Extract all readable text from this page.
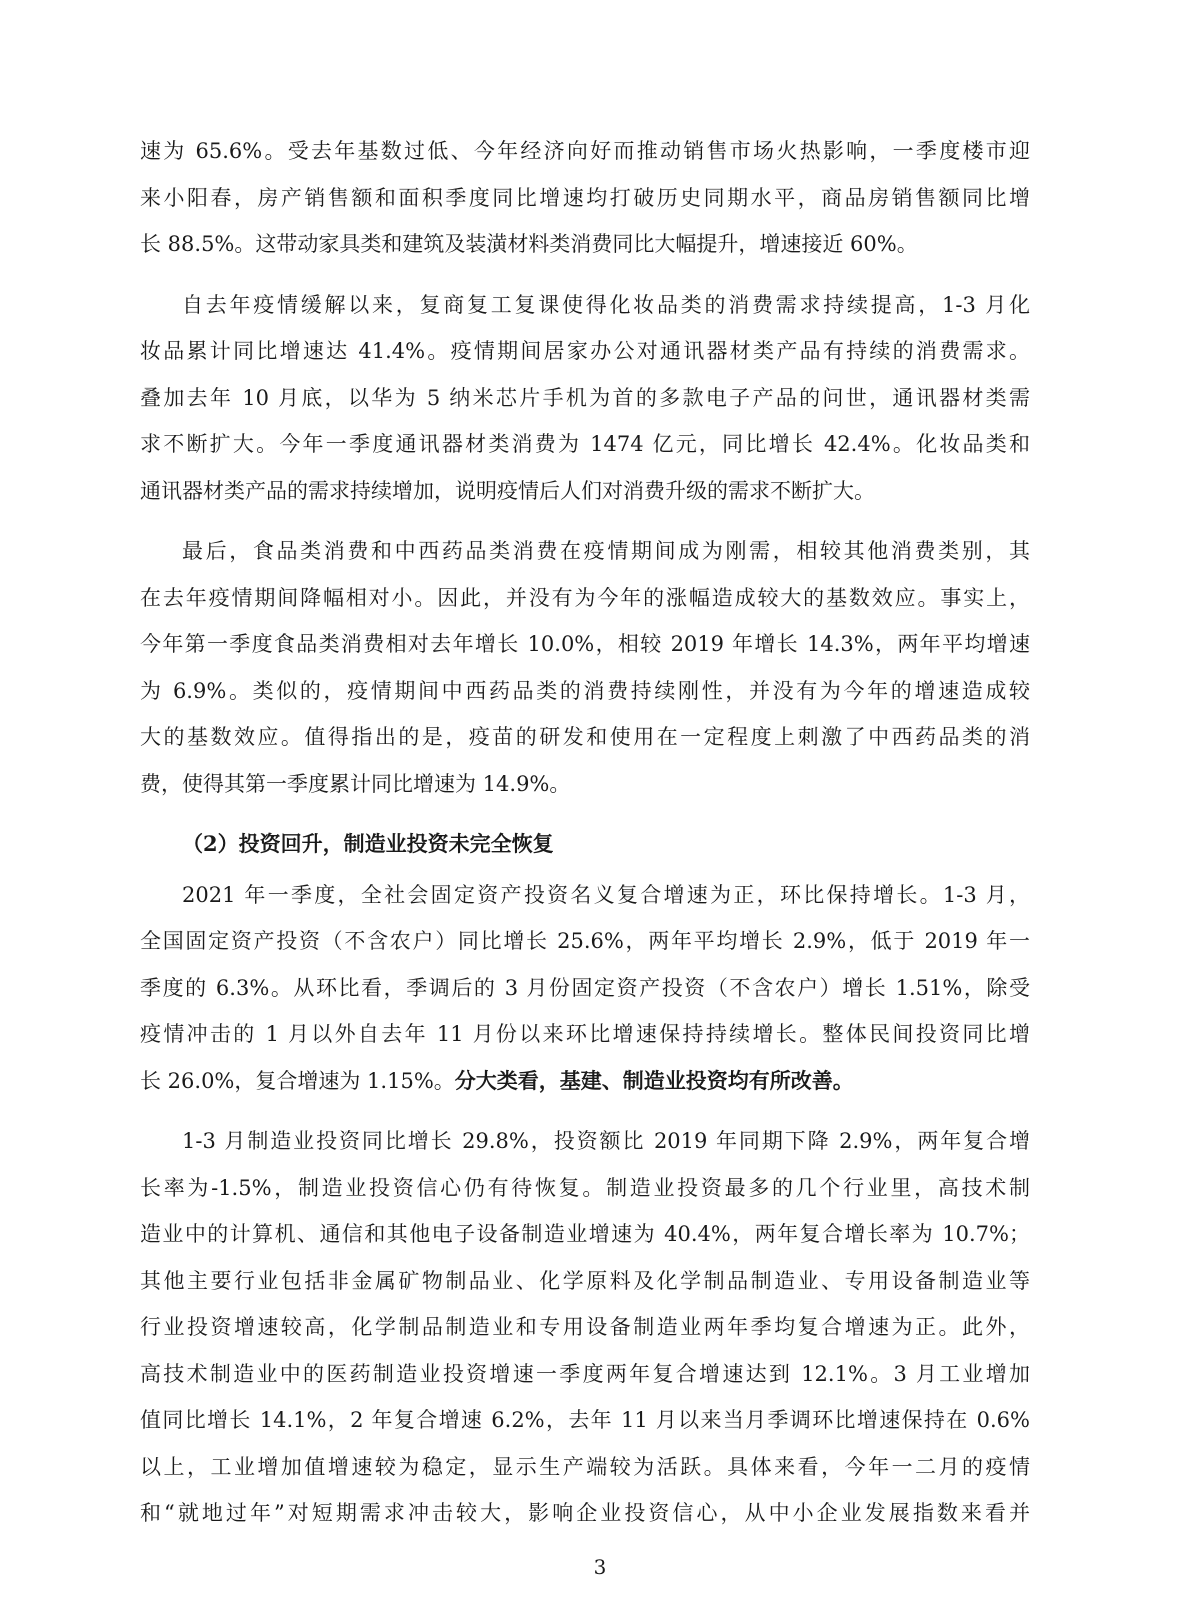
速为 65.6%。受去年基数过低、今年经济向好而推动销售市场火热影响，一季度楼市迎
来小阳春，房产销售额和面积季度同比增速均打破历史同期水平，商品房销售额同比增
长 88.5%。这带动家具类和建筑及装潢材料类消费同比大幅提升，增速接近 60%。
自去年疫情缓解以来，复商复工复课使得化妆品类的消费需求持续提高，1-3 月化
妆品累计同比增速达 41.4%。疫情期间居家办公对通讯器材类产品有持续的消费需求。
叠加去年 10 月底，以华为 5 纳米芯片手机为首的多款电子产品的问世，通讯器材类需
求不断扩大。今年一季度通讯器材类消费为 1474 亿元，同比增长 42.4%。化妆品类和
通讯器材类产品的需求持续增加，说明疫情后人们对消费升级的需求不断扩大。
最后，食品类消费和中西药品类消费在疫情期间成为刚需，相较其他消费类别，其
在去年疫情期间降幅相对小。因此，并没有为今年的涨幅造成较大的基数效应。事实上，
今年第一季度食品类消费相对去年增长 10.0%，相较 2019 年增长 14.3%，两年平均增速
为 6.9%。类似的，疫情期间中西药品类的消费持续刚性，并没有为今年的增速造成较
大的基数效应。值得指出的是，疫苗的研发和使用在一定程度上刺激了中西药品类的消
费，使得其第一季度累计同比增速为 14.9%。
（2）投资回升，制造业投资未完全恢复
2021 年一季度，全社会固定资产投资名义复合增速为正，环比保持增长。1-3 月，
全国固定资产投资（不含农户）同比增长 25.6%，两年平均增长 2.9%，低于 2019 年一
季度的 6.3%。从环比看，季调后的 3 月份固定资产投资（不含农户）增长 1.51%，除受
疫情冲击的 1 月以外自去年 11 月份以来环比增速保持持续增长。整体民间投资同比增
长 26.0%，复合增速为 1.15%。分大类看，基建、制造业投资均有所改善。
1-3 月制造业投资同比增长 29.8%，投资额比 2019 年同期下降 2.9%，两年复合增
长率为-1.5%，制造业投资信心仍有待恢复。制造业投资最多的几个行业里，高技术制
造业中的计算机、通信和其他电子设备制造业增速为 40.4%，两年复合增长率为 10.7%；
其他主要行业包括非金属矿物制品业、化学原料及化学制品制造业、专用设备制造业等
行业投资增速较高，化学制品制造业和专用设备制造业两年季均复合增速为正。此外，
高技术制造业中的医药制造业投资增速一季度两年复合增速达到 12.1%。3 月工业增加
值同比增长 14.1%，2 年复合增速 6.2%，去年 11 月以来当月季调环比增速保持在 0.6%
以上，工业增加值增速较为稳定，显示生产端较为活跃。具体来看，今年一二月的疫情
和“就地过年”对短期需求冲击较大，影响企业投资信心，从中小企业发展指数来看并
3
